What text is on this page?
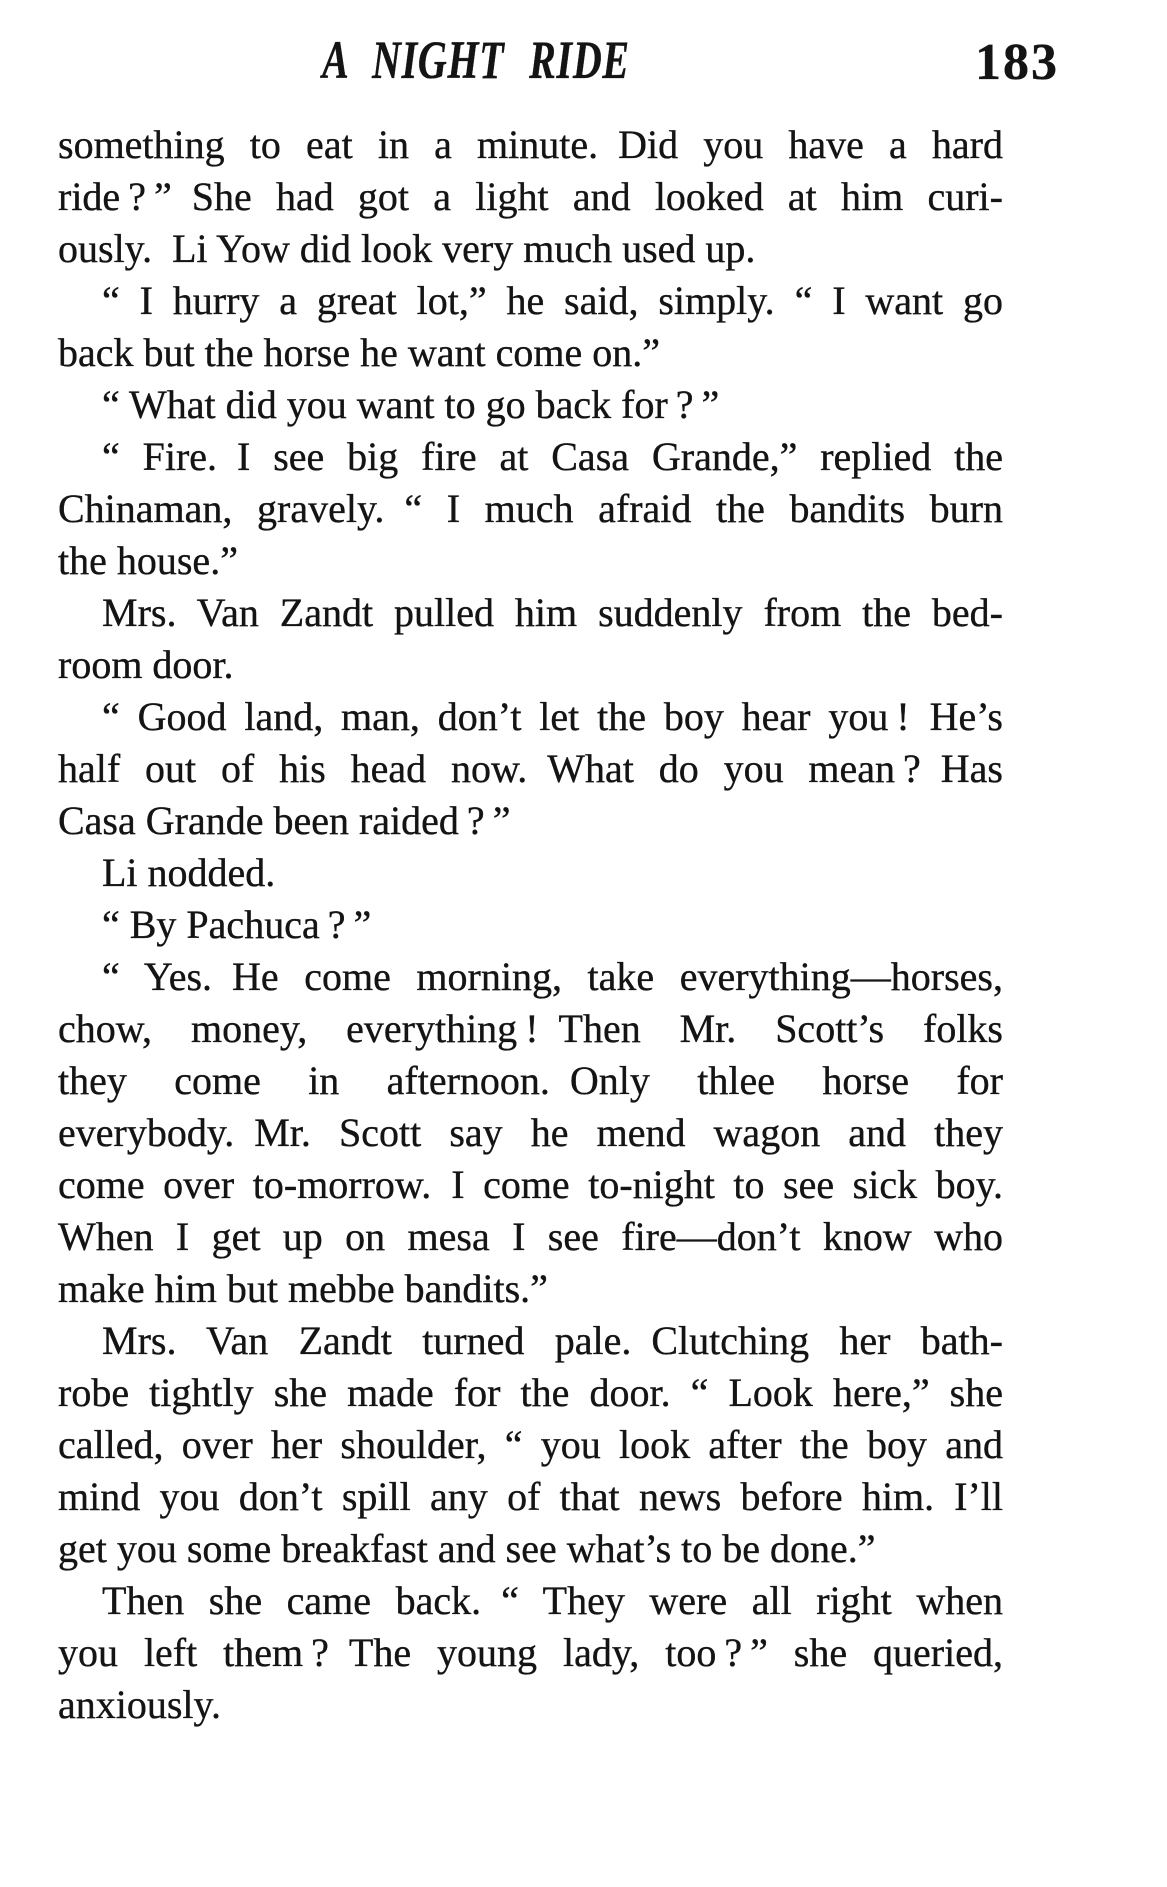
A NIGHT RIDE	183
something to eat in a minute. Did you have a hard
ride ? ” She had got a light and looked at him curi-
ously. Li Yow did look very much used up.
“ I hurry a great lot,” he said, simply. “ I want go
back but the horse he want come on.”
“ What did you want to go back for ? ”
“ Fire. I see big fire at Casa Grande,” replied the
Chinaman, gravely. “ I much afraid the bandits burn
the house.”
Mrs. Van Zandt pulled him suddenly from the bed-
room door.
“ Good land, man, don’t let the boy hear you ! He’s
half out of his head now. What do you mean ? Has
Casa Grande been raided ? ”
Li nodded.
“ By Pachuca ? ”
“ Yes. He come morning, take everything—horses,
chow, money, everything ! Then Mr. Scott’s folks
they come in afternoon. Only thlee horse for
everybody. Mr. Scott say he mend wagon and they
come over to-morrow. I come to-night to see sick boy.
When I get up on mesa I see fire—don’t know who
make him but mebbe bandits.”
Mrs. Van Zandt turned pale. Clutching her bath-
robe tightly she made for the door. “ Look here,” she
called, over her shoulder, “ you look after the boy and
mind you don’t spill any of that news before him. I’ll
get you some breakfast and see what’s to be done.”
Then she came back. “ They were all right when
you left them ? The young lady, too ? ” she queried,
anxiously.
